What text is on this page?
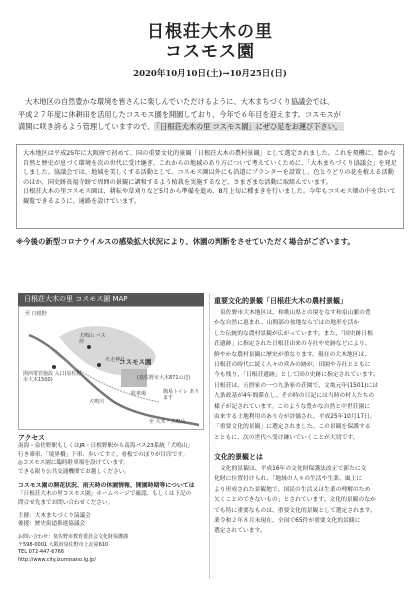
日根荘大木の里
コスモス園
2020年10月10日(土)→10月25日(日)
大木地区の自然豊かな環境を皆さんに楽しんでいただけるように、大木まちづくり協議会では、
平成２７年度に休耕田を活用したコスモス園を開園しており、今年で６年目を迎えます。コスモスが
満開に咲き誇るよう管理していますので、 「日根荘大木の里 コスモス園」にぜひ足をお運び下さい。

大木地区は平成25年に大阪府で初めて、国の重要文化的景観「日根荘大木の農村景観」として選定されました。これを契機に、豊かな自然と歴史が息づく環境を次の世代に受け継ぎ、これからの地域のあり方について考えていくために、「大木まちづくり協議会」を発足しました。協議会では、地域を美しくする活動として、コスモス園以外にも沿道にプランターを設置し、色とりどりの花を植える活動のほか、国史跡長福寺跡で周囲の景観に調和するよう植栽を実施するなど、さまざまな活動に取組んでいます。

日根荘大木の里コスモス園は、耕耘や草刈りなど5月から準備を進め、8月上旬に種まきを行いました。今年もコスモス畑の中を歩いて観覧できるように、通路を設けています。

※今後の新型コロナウイルスの感染拡大状況により、休園の判断をさせていただく場合がございます。
日根荘大木の里 コスモス園 MAP
至 日根野
犬鳴山 バス停
火走神社
関西電管施設 入口(泉佐野市大木1500)
コスモス園
(泉佐野市大木871の辺)
駐車場	簡易トイレ あります
犬鳴川
至 大木・犬鳴山
アクセス

南海・泉佐野駅もしくはJR・日根野駅から南海バス23系統「犬鳴山」

行き乗車、「境界橋」下車、歩いてすぐ。看板でのぼりが目印です。

◎コスモス園に臨時駐車場を設けています。

できる限り公共交通機関でお越しください。

コスモス園の開花状況、雨天時の休園情報、開園時期等については

「日根荘大木の里コスモス園」ホームページで確認、もしくは下記の

問合せ先までお問い合わせください。

主催：大木まちづくり協議会

後援：歴史街道推進協議会

お問い合わせ：泉佐野市教育委員会文化財保護課

〒598-0001 大阪府泉佐野市上瓦屋610

TEL 072-447-6766

http://www.city.izumisano.lg.jp/

重要文化的景観「日根荘大木の農村景観」

泉佐野市大木地区は、和歌山県との境をなす和泉山脈の豊

かな自然に恵まれ、山間部の盆地ならではの地形を活か

した伝統的な農村景観が広がっています。また、「国史跡日根

荘遺跡」に指定された日根荘由来の寺社や史跡などにより、

鮮やかな農村景観に歴史が重なります。現在の大木地区は、

日根荘の時代に続く人々の営みの跡が、田園や寺社とともに

今も残り、「日根荘遺跡」として国の史跡に指定されています。

日根荘は、五摂家の一つ九条家の荘園で、文亀元年(1501)には

九条政基が4年間滞在し、その時の日記には当時の村人たちの

様子が記されています。このような豊かな自然と中世荘園に

由来する土地利用のあり方が評価され、平成25年10月17日、

「重要文化的景観」に選定されました。この景観を保護する

とともに、次の世代へ受け継いでいくことが大切です。

文化的景観とは

文化的景観は、平成16年の文化財保護法改正で新たに文

化財に位置付けられ、「地域の人々の生活や生業、風土に

より形成された景観地で、国民の生活又は生業の理解のため

欠くことのできないもの」とされています。文化的景観のなか

でも特に重要なものは、重要文化的景観として選定されます。

業令和２年８月末現在、全国で65件が重要文化的景観に

選定されています。
